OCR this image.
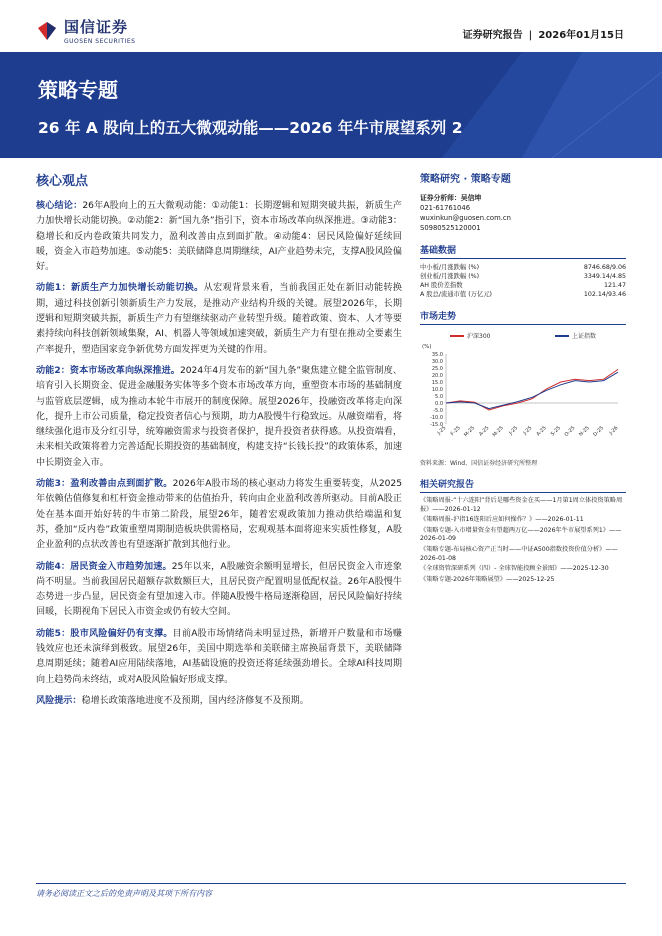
国信证券
GUOSEN SECURITIES
证券研究报告 | 2026年01月15日
策略专题
26 年 A 股向上的五大微观动能——2026 年牛市展望系列 2
核心观点
核心结论：26年A股向上的五大微观动能：①动能1：长期逻辑和短期突破共振，新质生产力加快增长动能切换。②动能2：新“国九条”指引下，资本市场改革向纵深推进。③动能3：稳增长和反内卷政策共同发力，盈利改善由点到面扩散。④动能4：居民风险偏好延续回暖，资金入市趋势加速。⑤动能5：美联储降息周期继续，AI产业趋势未完，支撑A股风险偏好。
动能1：新质生产力加快增长动能切换。从宏观背景来看，当前我国正处在新旧动能转换期，通过科技创新引领新质生产力发展，是推动产业结构升级的关键。展望2026年，长期逻辑和短期突破共振，新质生产力有望继续驱动产业转型升级。随着政策、资本、人才等要素持续向科技创新领域集聚，AI、机器人等领域加速突破，新质生产力有望在推动全要素生产率提升，塑造国家竞争新优势方面发挥更为关键的作用。
动能2：资本市场改革向纵深推进。2024年4月发布的新“国九条”聚焦建立健全监管制度、培育引入长期资金、促进金融服务实体等多个资本市场改革方向，重塑资本市场的基础制度与监管底层逻辑，成为推动本轮牛市展开的制度保障。展望2026年，投融资改革将走向深化，提升上市公司质量，稳定投资者信心与预期，助力A股慢牛行稳致远。从融资端看，将继续强化退市及分红引导，统筹融资需求与投资者保护，提升投资者获得感。从投资端看，未来相关政策将着力完善适配长期投资的基础制度，构建支持“长钱长投”的政策体系，加速中长期资金入市。
动能3：盈利改善由点到面扩散。2026年A股市场的核心驱动力将发生重要转变，从2025年依赖估值修复和杠杆资金推动带来的估值抬升，转向由企业盈利改善所驱动。目前A股正处在基本面开始好转的牛市第二阶段，展望26年，随着宏观政策加力推动供给端温和复苏，叠加“反内卷”政策重塑周期制造板块供需格局，宏观观基本面将迎来实质性修复，A股企业盈利的点状改善也有望逐渐扩散到其他行业。
动能4：居民资金入市趋势加速。25年以来，A股融资余额明显增长，但居民资金入市迹象尚不明显。当前我国居民超额存款数额巨大，且居民资产配置明显低配权益。26年A股慢牛态势进一步凸显，居民资金有望加速入市。伴随A股慢牛格局逐渐稳固，居民风险偏好持续回暖，长期视角下居民入市资金或仍有较大空间。
动能5：股市风险偏好仍有支撑。目前A股市场情绪尚未明显过热，新增开户数量和市场赚钱效应也还未演绎到极致。展望26年，美国中期选举和美联储主席换届背景下，美联储降息周期延续；随着AI应用陆续落地，AI基础设施的投资还将延续强劲增长。全球AI科技周期向上趋势尚未终结，或对A股风险偏好形成支撑。
风险提示：稳增长政策落地进度不及预期，国内经济修复不及预期。
策略研究 · 策略专题
证券分析师：吴信坤
021-61761046
wuxinkun@guosen.com.cn
S0980525120001
基础数据
中小板/月涨跌幅 (%)	8746.68/9.06
创业板/月涨跌幅 (%)	3349.14/4.85
AH 股价差指数	121.47
A 股总/流通市值 (万亿元)	102.14/93.46
市场走势
沪深300	上证指数
(%)
35.0
30.0
25.0
20.0
15.0
10.0
5.0
0.0
-5.0
-10.0
-15.0
J-25 F-25 M-25 A-25 M-25 J-25 J-25 A-25 S-25 O-25 N-25 D-25 J-26
资料来源：Wind、国信证券经济研究所整理
相关研究报告
《策略周报-“十六连阳”背后是哪些资金在买——1月第1周立体投资策略周报》——2026-01-12
《策略周报-沪指16连阳后应如何操作？》——2026-01-11
《策略专题-入市增量资金有望超两万亿——2026年牛市展望系列1》——2026-01-09
《策略专题-布局核心资产正当时——中证A500指数投资价值分析》——2026-01-08
《全球资管深研系列（四）- 全球智能投顾全景图》——2025-12-30
《策略专题-2026年策略展望》——2025-12-25
请务必阅读正文之后的免责声明及其项下所有内容
